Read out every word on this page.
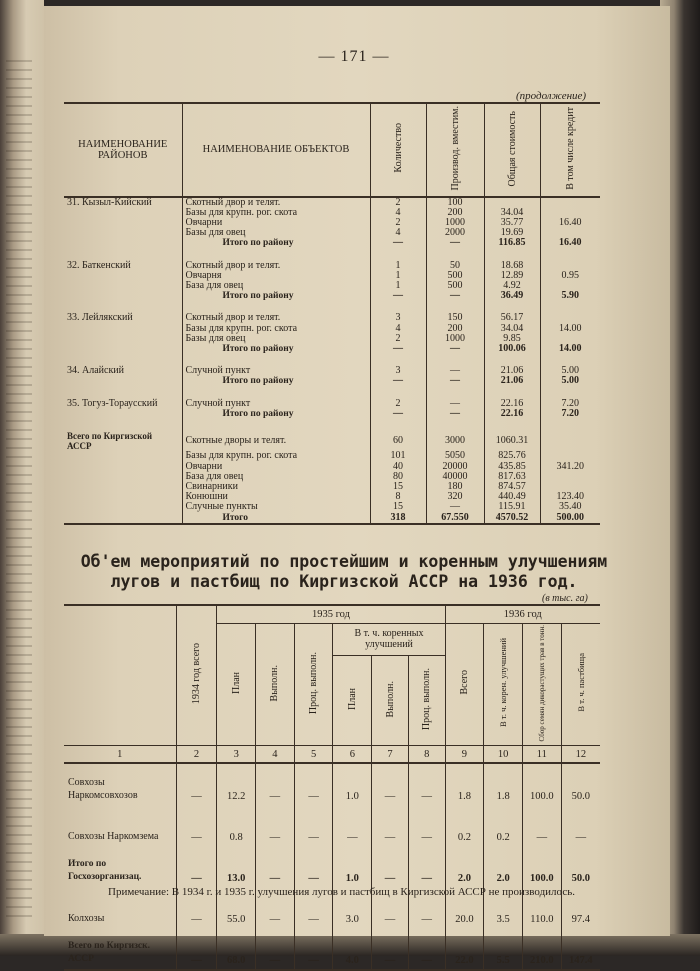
— 171 —
(продолжение)
НАИМЕНОВАНИЕ РАЙОНОВ	НАИМЕНОВАНИЕ ОБЪЕКТОВ	Количество	Производ. вместим.	Общая стоимость	В том числе кредит
31. Кызыл-Кийский	Скотный двор и телят.	2	100		
	Базы для крупн. рог. скота	4	200	34.04	
	Овчарни	2	1000	35.77	16.40
	Базы для овец	4	2000	19.69	
	Итого по району	—	—	116.85	16.40

32. Баткенский	Скотный двор и телят.	1	50	18.68	
	Овчарня	1	500	12.89	0.95
	База для овец	1	500	4.92	
	Итого по району	—	—	36.49	5.90

33. Лейлякский	Скотный двор и телят.	3	150	56.17	
	Базы для крупн. рог. скота	4	200	34.04	14.00
	Базы для овец	2	1000	9.85	
	Итого по району	—	—	100.06	14.00

34. Алайский	Случной пункт	3	—	21.06	5.00
	Итого по району	—	—	21.06	5.00

35. Тогуз-Тораусский	Случной пункт	2	—	22.16	7.20
	Итого по району	—	—	22.16	7.20

Всего по Киргизской АССР	Скотные дворы и телят.	60	3000	1060.31	
	Базы для крупн. рог. скота	101	5050	825.76	
	Овчарни	40	20000	435.85	341.20
	База для овец	80	40000	817.63	
	Свинарники	15	180	874.57	
	Конюшни	8	320	440.49	123.40
	Случные пункты	15	—	115.91	35.40
	Итого	318	67.550	4570.52	500.00
Об'ем мероприятий по простейшим и коренным улучшениям лугов и пастбищ по Киргизской АССР на 1936 год.
(в тыс. га)
	1934 год всего	1935 год						1936 год			
		План	Выполн.	Проц. выполн.	В т. ч. коренных улучшений			Всего	В т. ч. корен. улучшений	Сбор семян дикорастущих трав в тонн.	В т. ч. пастбища
					План	Выполн.	Проц. выполн.				
1	2	3	4	5	6	7	8	9	10	11	12
Совхозы Наркомсовхозов	—	12.2	—	—	1.0	—	—	1.8	1.8	100.0	50.0
Совхозы Наркомзема	—	0.8	—	—	—	—	—	0.2	0.2	—	—
Итого по Госхозорганизац.	—	13.0	—	—	1.0	—	—	2.0	2.0	100.0	50.0
Колхозы	—	55.0	—	—	3.0	—	—	20.0	3.5	110.0	97.4
Всего по Киргизск. АССР	—	68.0	—	—	4.0	—	—	22.0	5.5	210.0	147.4
Примечание: В 1934 г. и 1935 г. улучшения лугов и пастбищ в Киргизской АССР не производилось.
